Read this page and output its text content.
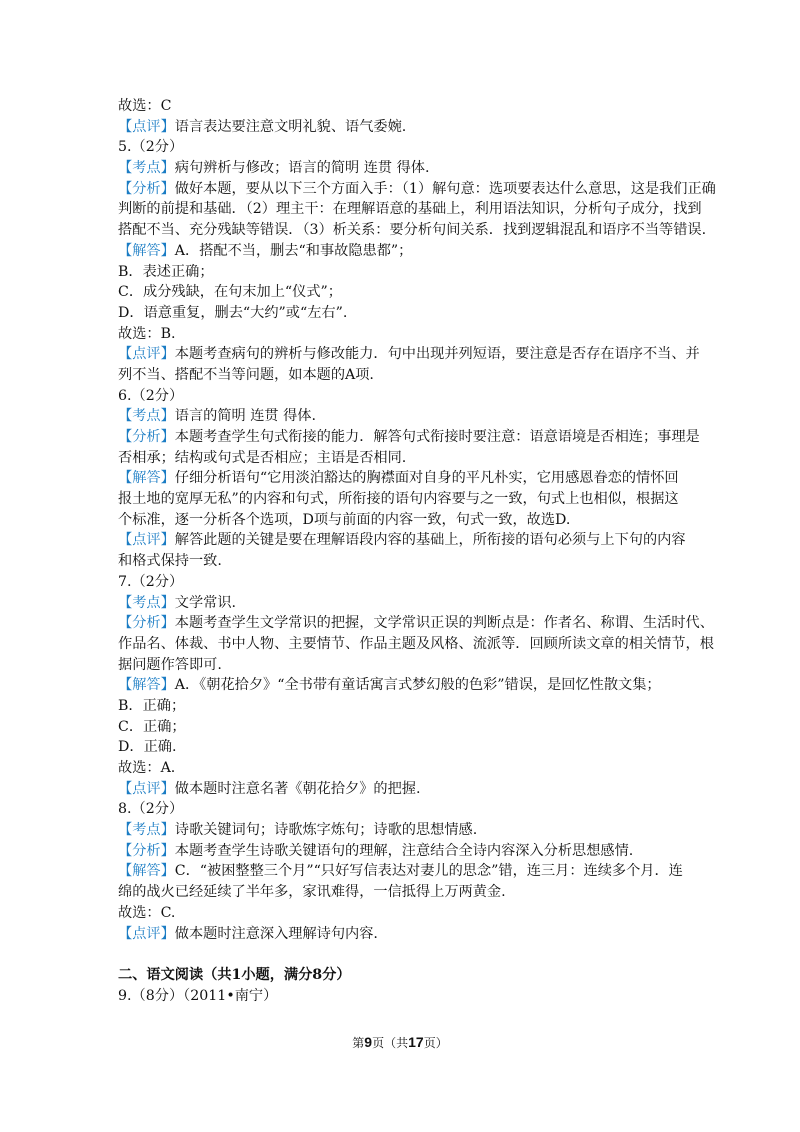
故选：C
【点评】语言表达要注意文明礼貌、语气委婉.
5.（2分）
【考点】病句辨析与修改；语言的简明 连贯 得体.
【分析】做好本题，要从以下三个方面入手：（1）解句意：选项要表达什么意思，这是我们正确
判断的前提和基础．（2）理主干：在理解语意的基础上，利用语法知识，分析句子成分，找到
搭配不当、充分残缺等错误．（3）析关系：要分析句间关系．找到逻辑混乱和语序不当等错误.
【解答】A．搭配不当，删去“和事故隐患都”；
B．表述正确；
C．成分残缺，在句末加上“仪式”；
D．语意重复，删去“大约”或“左右”.
故选：B.
【点评】本题考查病句的辨析与修改能力．句中出现并列短语，要注意是否存在语序不当、并
列不当、搭配不当等问题，如本题的A项.
6.（2分）
【考点】语言的简明 连贯 得体.
【分析】本题考查学生句式衔接的能力．解答句式衔接时要注意：语意语境是否相连；事理是
否相承；结构或句式是否相应；主语是否相同.
【解答】仔细分析语句“它用淡泊豁达的胸襟面对自身的平凡朴实，它用感恩眷恋的情怀回
报土地的宽厚无私”的内容和句式，所衔接的语句内容要与之一致，句式上也相似，根据这
个标准，逐一分析各个选项，D项与前面的内容一致，句式一致，故选D.
【点评】解答此题的关键是要在理解语段内容的基础上，所衔接的语句必须与上下句的内容
和格式保持一致.
7.（2分）
【考点】文学常识.
【分析】本题考查学生文学常识的把握，文学常识正误的判断点是：作者名、称谓、生活时代、
作品名、体裁、书中人物、主要情节、作品主题及风格、流派等．回顾所读文章的相关情节，根
据问题作答即可.
【解答】A．《朝花拾夕》“全书带有童话寓言式梦幻般的色彩”错误，是回忆性散文集；
B．正确；
C．正确；
D．正确.
故选：A.
【点评】做本题时注意名著《朝花拾夕》的把握.
8.（2分）
【考点】诗歌关键词句；诗歌炼字炼句；诗歌的思想情感.
【分析】本题考查学生诗歌关键语句的理解，注意结合全诗内容深入分析思想感情.
【解答】C．“被困整整三个月”“只好写信表达对妻儿的思念”错，连三月：连续多个月．连
绵的战火已经延续了半年多，家讯难得，一信抵得上万两黄金.
故选：C.
【点评】做本题时注意深入理解诗句内容.
二、语文阅读（共1小题，满分8分）
9.（8分）（2011•南宁）
第9页（共17页）
